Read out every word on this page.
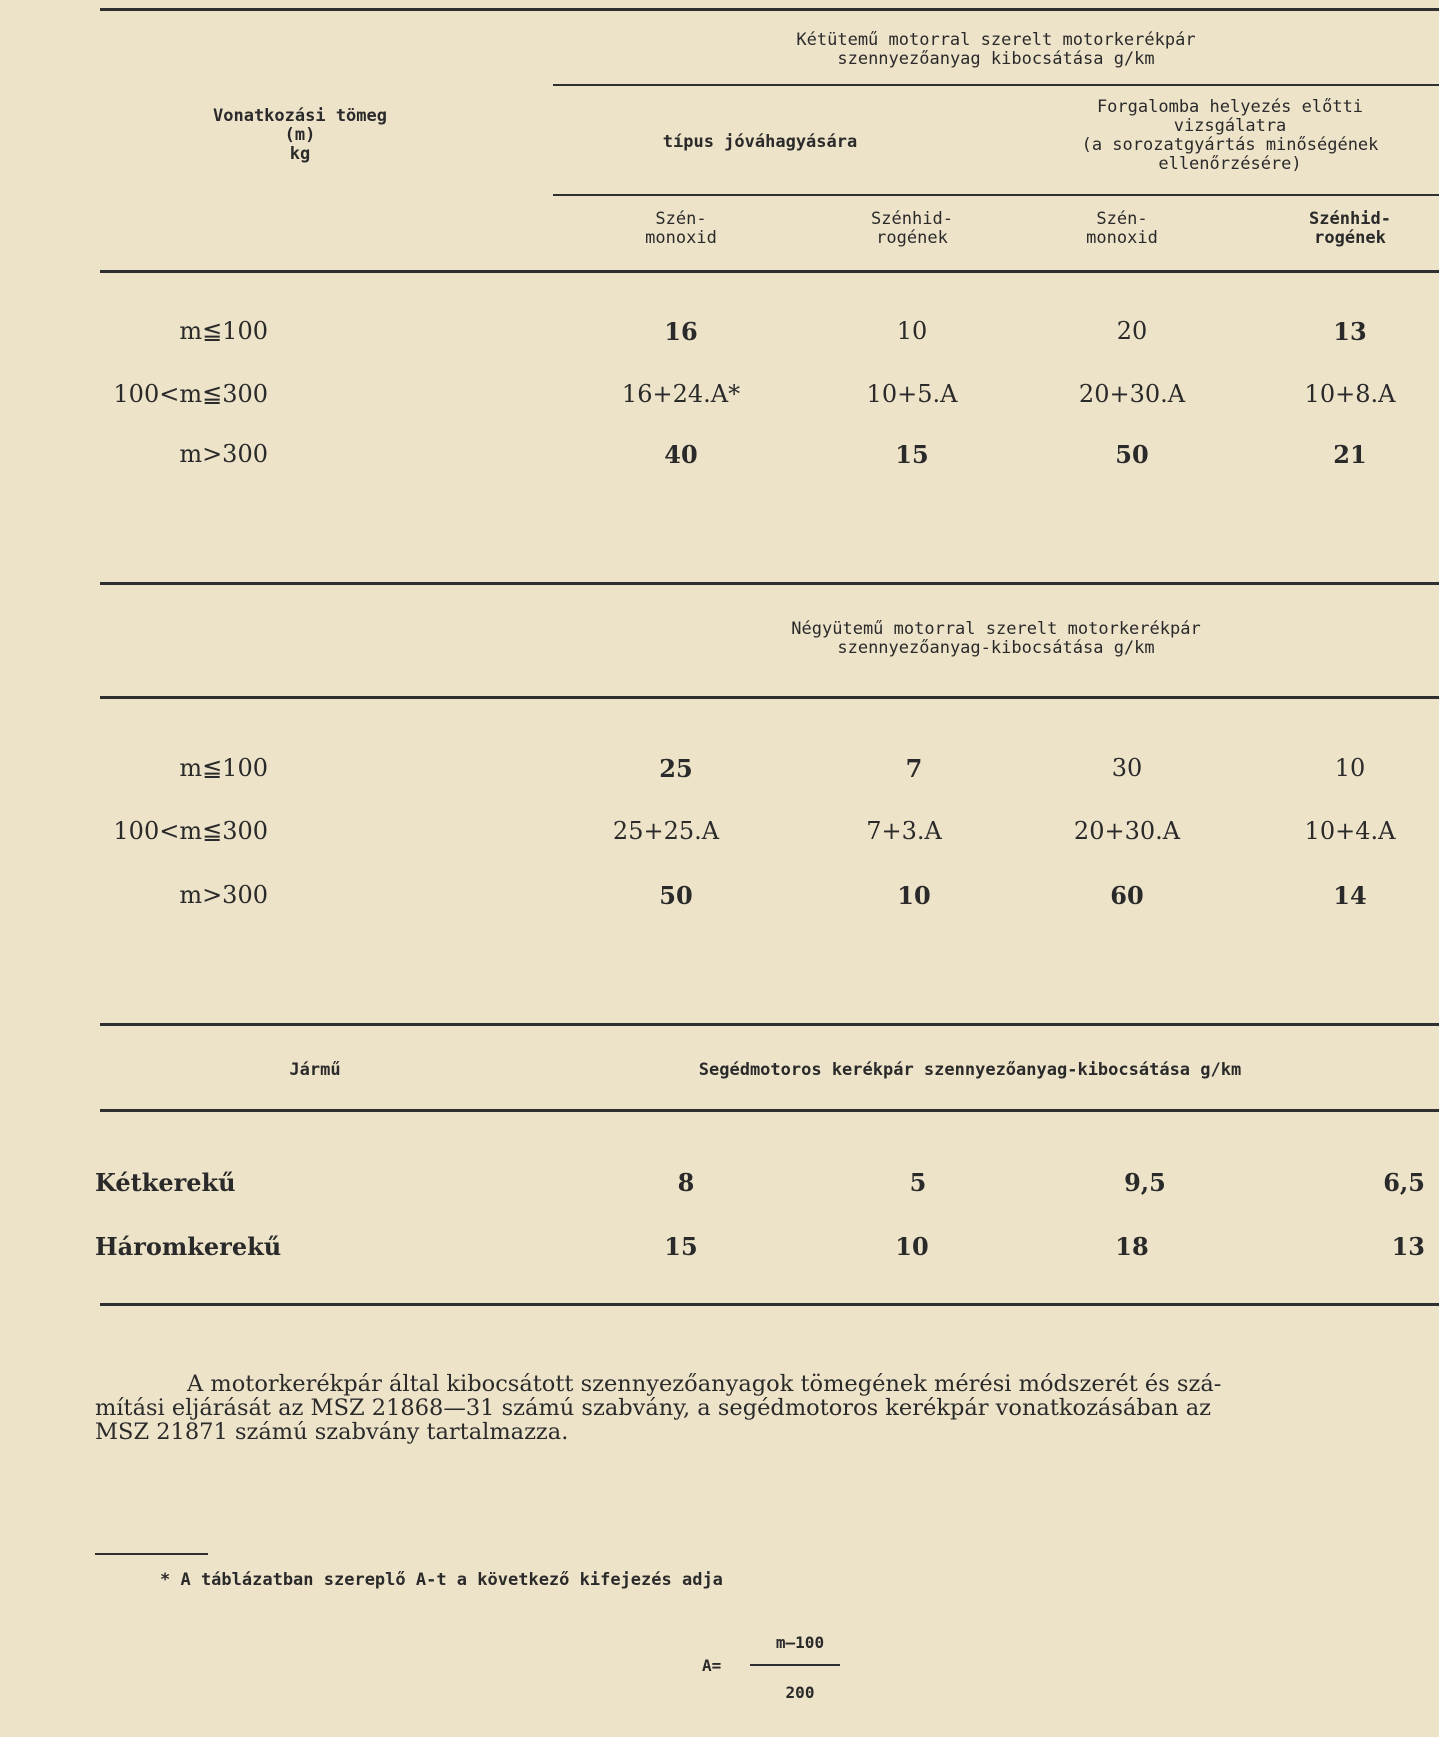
Kétütemű motorral szerelt motorkerékpár
szennyezőanyag kibocsátása g/km
Vonatkozási tömeg
(m)
kg
típus jóváhagyására
Forgalomba helyezés előtti
vizsgálatra
(a sorozatgyártás minőségének
ellenőrzésére)
Szén-
monoxid
Szénhid-
rogének
Szén-
monoxid
Szénhid-
rogének
m≦100	16	10	20	13
100<m≦300	16+24.A*	10+5.A	20+30.A	10+8.A
m>300	40	15	50	21
Négyütemű motorral szerelt motorkerékpár
szennyezőanyag-kibocsátása g/km
m≦100	25	7	30	10
100<m≦300	25+25.A	7+3.A	20+30.A	10+4.A
m>300	50	10	60	14
Jármű	Segédmotoros kerékpár szennyezőanyag-kibocsátása g/km
Kétkerekű	8	5	9,5	6,5
Háromkerekű	15	10	18	13
A motorkerékpár által kibocsátott szennyezőanyagok tömegének mérési módszerét és szá-
mítási eljárását az MSZ 21868—31 számú szabvány, a segédmotoros kerékpár vonatkozásában az
MSZ 21871 számú szabvány tartalmazza.
* A táblázatban szereplő A-t a következő kifejezés adja
A=
m—100
200
